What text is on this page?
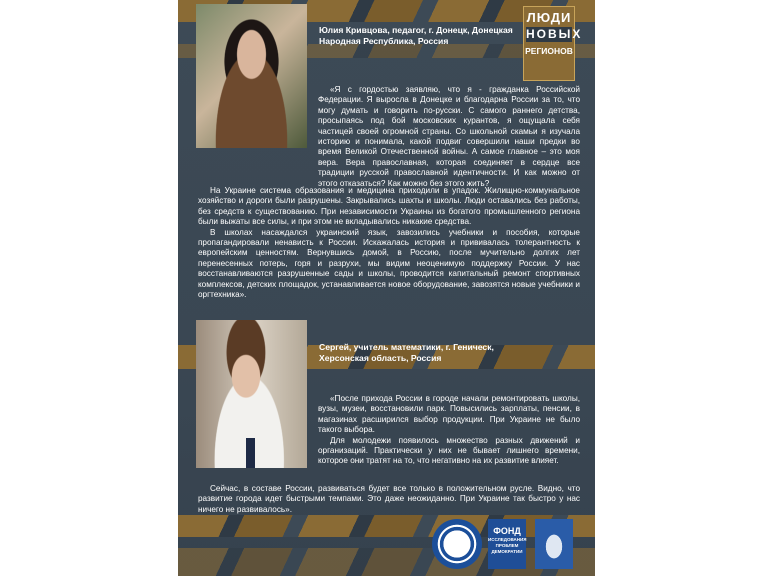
Юлия Кривцова, педагог, г. Донецк, Донецкая Народная Республика, Россия
ЛЮДИ
НОВЫХ
РЕГИОНОВ

«Я с гордостью заявляю, что я - гражданка Российской Федерации. Я выросла в Донецке и благодарна России за то, что могу думать и говорить по-русски. С самого раннего детства, просыпаясь под бой московских курантов, я ощущала себя частицей своей огромной страны. Со школьной скамьи я изучала историю и понимала, какой подвиг совершили наши предки во время Великой Отечественной войны. А самое главное – это моя вера. Вера православная, которая соединяет в сердце все традиции русской православной идентичности. И как можно от этого отказаться? Как можно без этого жить?

На Украине система образования и медицина приходили в упадок. Жилищно-коммунальное хозяйство и дороги были разрушены. Закрывались шахты и школы. Люди оставались без работы, без средств к существованию. При независимости Украины из богатого промышленного региона были выжаты все силы, и при этом не вкладывались никакие средства.

В школах насаждался украинский язык, завозились учебники и пособия, которые пропагандировали ненависть к России. Искажалась история и прививалась толерантность к европейским ценностям. Вернувшись домой, в Россию, после мучительно долгих лет перенесенных потерь, горя и разрухи, мы видим неоценимую поддержку России. У нас восстанавливаются разрушенные сады и школы, проводится капитальный ремонт спортивных комплексов, детских площадок, устанавливается новое оборудование, завозятся новые учебники и оргтехника».

Сергей, учитель математики, г. Геническ, Херсонская область, Россия

«После прихода России в городе начали ремонтировать школы, вузы, музеи, восстановили парк. Повысились зарплаты, пенсии, в магазинах расширился выбор продукции. При Украине не было такого выбора.

Для молодежи появилось множество разных движений и организаций. Практически у них не бывает лишнего времени, которое они тратят на то, что негативно на их развитие влияет.

Сейчас, в составе России, развиваться будет все только в положительном русле. Видно, что развитие города идет быстрыми темпами. Это даже неожиданно. При Украине так быстро у нас ничего не развивалось».

ФОНД
ИССЛЕДОВАНИЯ ПРОБЛЕМ ДЕМОКРАТИИ
